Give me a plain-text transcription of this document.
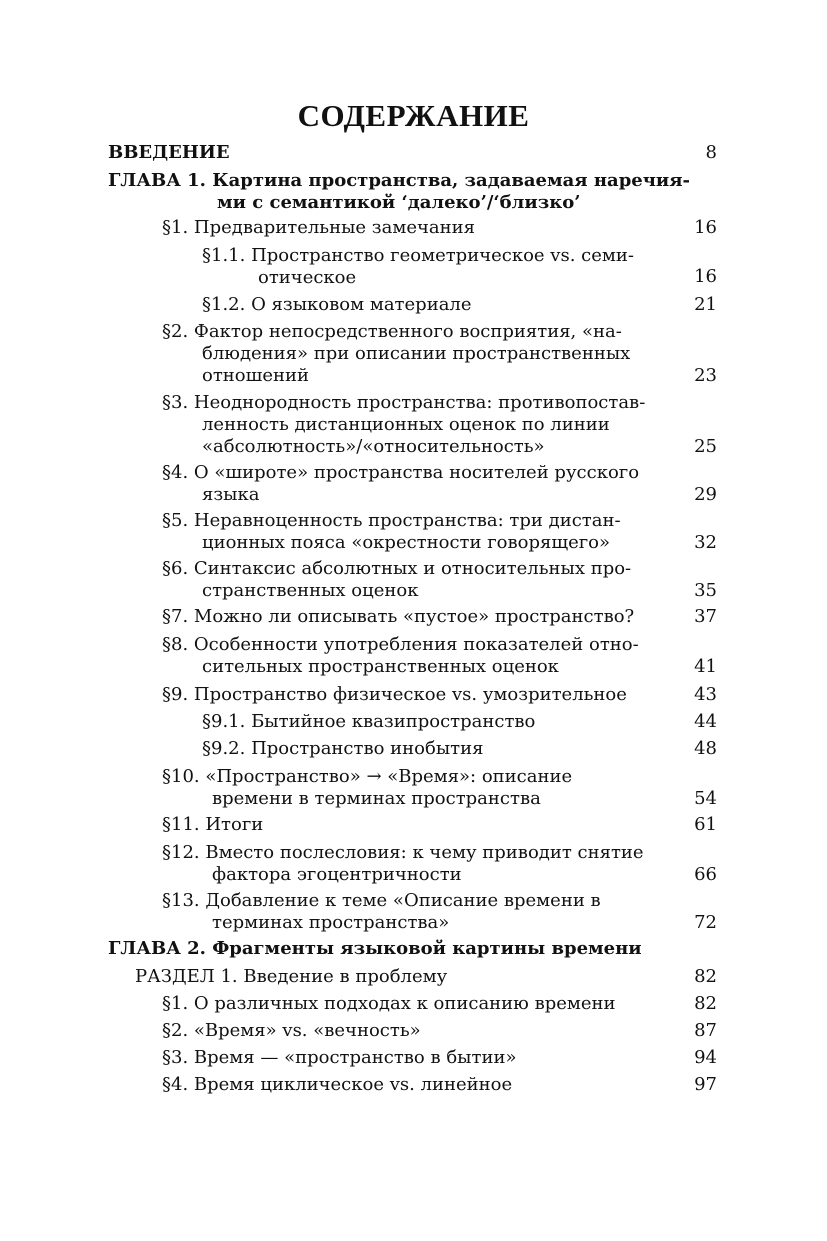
СОДЕРЖАНИЕ
ВВЕДЕНИЕ	8
ГЛАВА 1. Картина пространства, задаваемая наречия-
ми с семантикой ‘далеко’/‘близко’
§1. Предварительные замечания	16
§1.1. Пространство геометрическое vs. семи-
отическое	16
§1.2. О языковом материале	21
§2. Фактор непосредственного восприятия, «на-
блюдения» при описании пространственных
отношений	23
§3. Неоднородность пространства: противопостав-
ленность дистанционных оценок по линии
«абсолютность»/«относительность»	25
§4. О «широте» пространства носителей русского
языка	29
§5. Неравноценность пространства: три дистан-
ционных пояса «окрестности говорящего»	32
§6. Синтаксис абсолютных и относительных про-
странственных оценок	35
§7. Можно ли описывать «пустое» пространство?	37
§8. Особенности употребления показателей отно-
сительных пространственных оценок	41
§9. Пространство физическое vs. умозрительное	43
§9.1. Бытийное квазипространство	44
§9.2. Пространство инобытия	48
§10. «Пространство» → «Время»: описание
времени в терминах пространства	54
§11. Итоги	61
§12. Вместо послесловия: к чему приводит снятие
фактора эгоцентричности	66
§13. Добавление к теме «Описание времени в
терминах пространства»	72
ГЛАВА 2. Фрагменты языковой картины времени
РАЗДЕЛ 1. Введение в проблему	82
§1. О различных подходах к описанию времени	82
§2. «Время» vs. «вечность»	87
§3. Время — «пространство в бытии»	94
§4. Время циклическое vs. линейное	97
